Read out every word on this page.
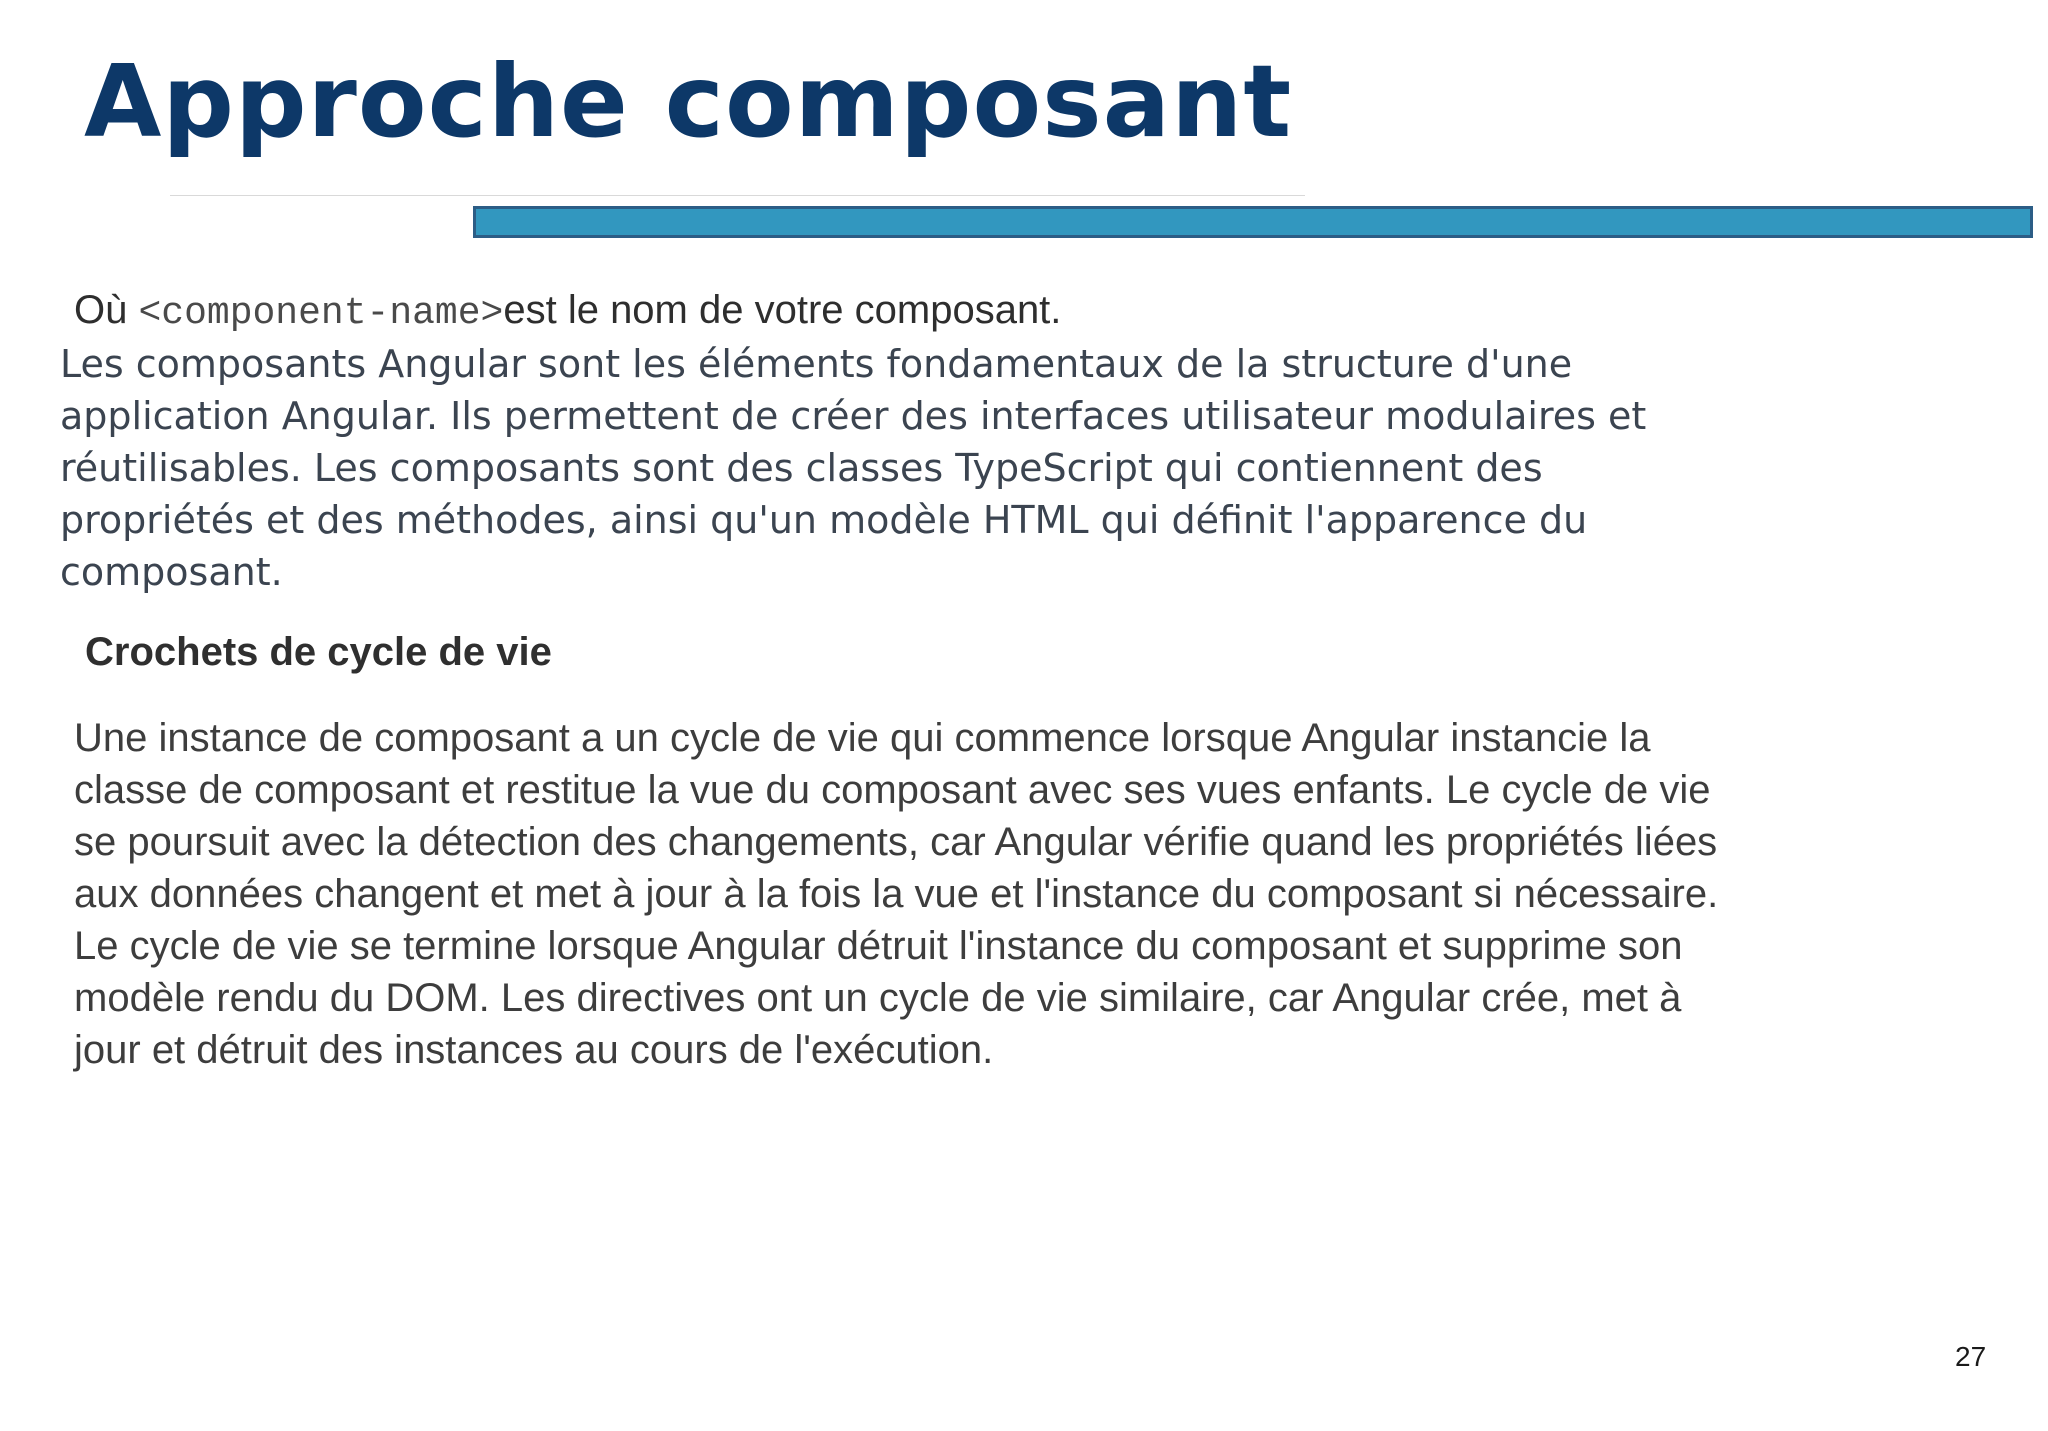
Approche composant

Où <component-name>est le nom de votre composant.

Les composants Angular sont les éléments fondamentaux de la structure d'une application Angular. Ils permettent de créer des interfaces utilisateur modulaires et réutilisables. Les composants sont des classes TypeScript qui contiennent des propriétés et des méthodes, ainsi qu'un modèle HTML qui définit l'apparence du composant.

Crochets de cycle de vie

Une instance de composant a un cycle de vie qui commence lorsque Angular instancie la classe de composant et restitue la vue du composant avec ses vues enfants. Le cycle de vie se poursuit avec la détection des changements, car Angular vérifie quand les propriétés liées aux données changent et met à jour à la fois la vue et l'instance du composant si nécessaire. Le cycle de vie se termine lorsque Angular détruit l'instance du composant et supprime son modèle rendu du DOM. Les directives ont un cycle de vie similaire, car Angular crée, met à jour et détruit des instances au cours de l'exécution.

27
